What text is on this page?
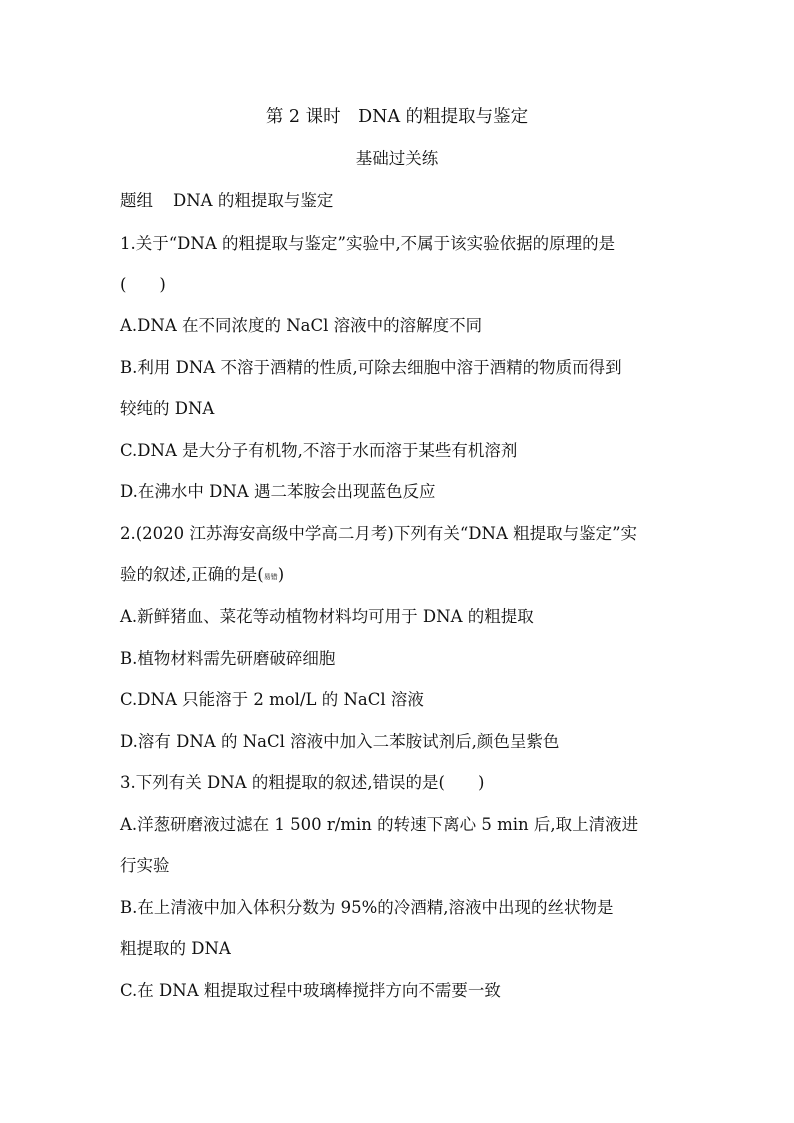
第 2 课时　DNA 的粗提取与鉴定
基础过关练
题组 DNA 的粗提取与鉴定
1.关于“DNA 的粗提取与鉴定”实验中,不属于该实验依据的原理的是
(　　)
A.DNA 在不同浓度的 NaCl 溶液中的溶解度不同
B.利用 DNA 不溶于酒精的性质,可除去细胞中溶于酒精的物质而得到
较纯的 DNA
C.DNA 是大分子有机物,不溶于水而溶于某些有机溶剂
D.在沸水中 DNA 遇二苯胺会出现蓝色反应
2.(2020 江苏海安高级中学高二月考)下列有关“DNA 粗提取与鉴定”实
验的叙述,正确的是(易错)
A.新鲜猪血、菜花等动植物材料均可用于 DNA 的粗提取
B.植物材料需先研磨破碎细胞
C.DNA 只能溶于 2 mol/L 的 NaCl 溶液
D.溶有 DNA 的 NaCl 溶液中加入二苯胺试剂后,颜色呈紫色
3.下列有关 DNA 的粗提取的叙述,错误的是(　　)
A.洋葱研磨液过滤在 1 500 r/min 的转速下离心 5 min 后,取上清液进
行实验
B.在上清液中加入体积分数为 95%的冷酒精,溶液中出现的丝状物是
粗提取的 DNA
C.在 DNA 粗提取过程中玻璃棒搅拌方向不需要一致
